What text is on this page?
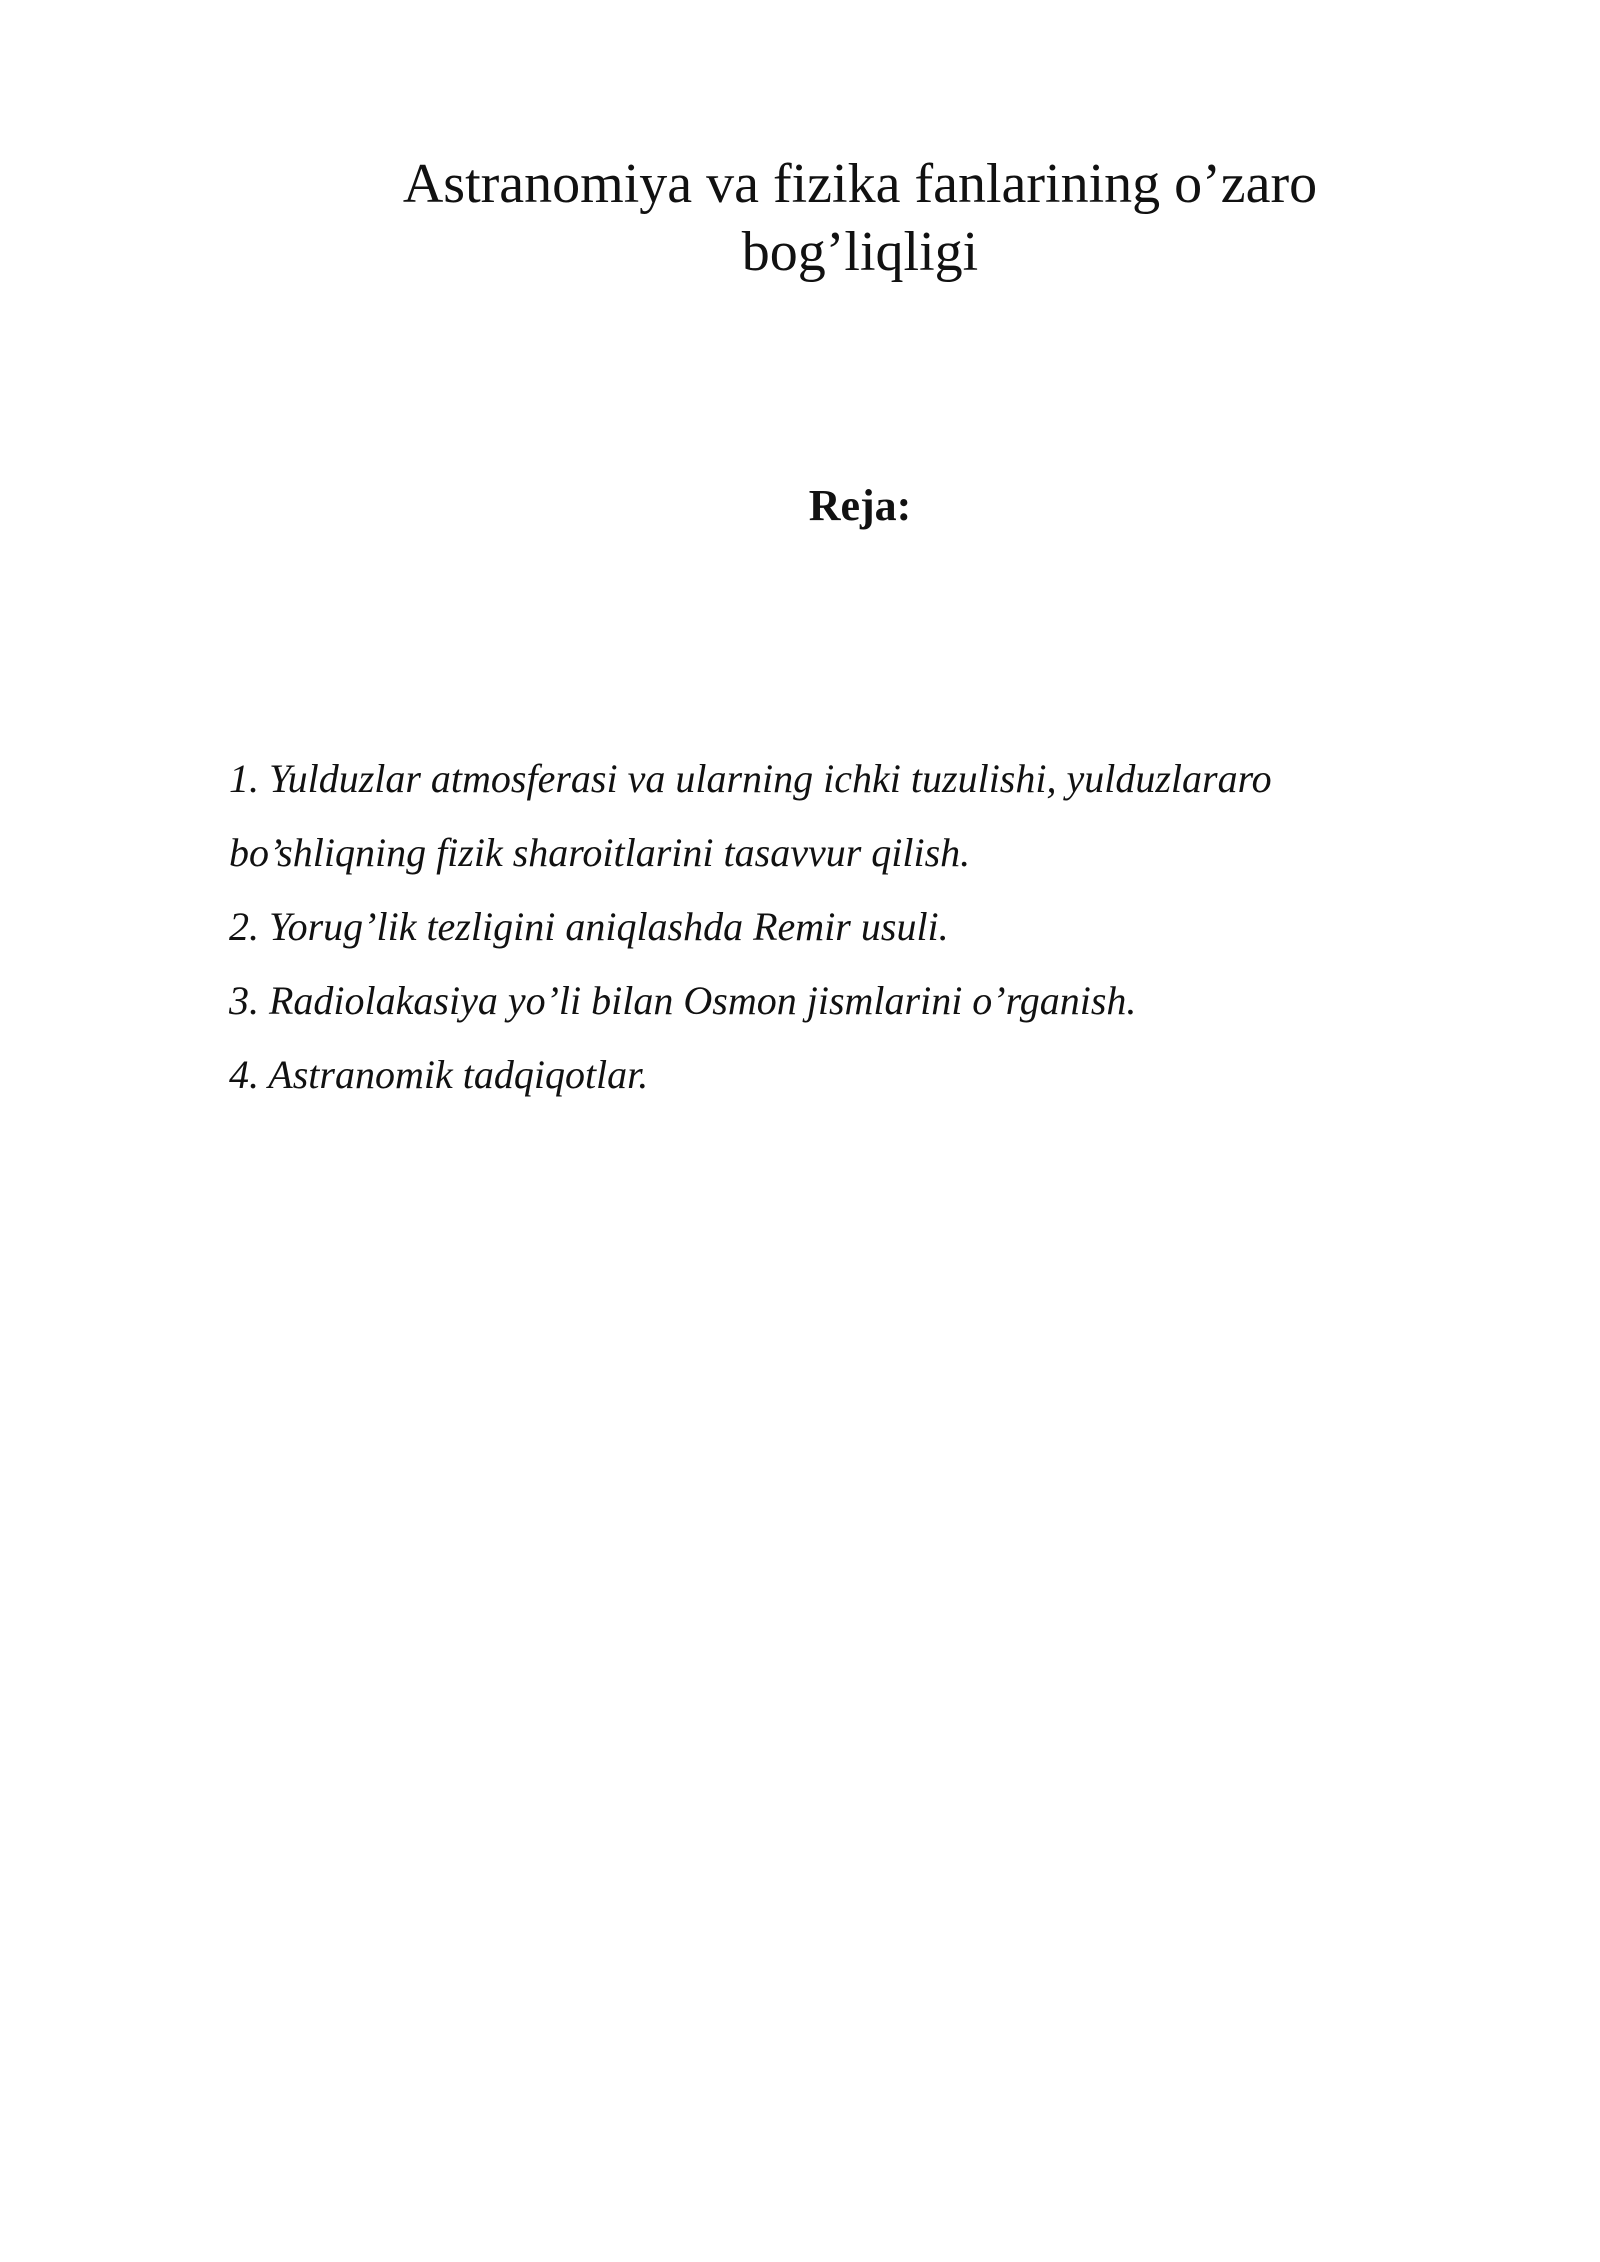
Astranomiya va fizika fanlarining o’zaro
bog’liqligi
Reja:
1. Yulduzlar atmosferasi va ularning ichki tuzulishi, yulduzlararo
bo’shliqning fizik sharoitlarini tasavvur qilish.
2. Yorug’lik tezligini aniqlashda Remir usuli.
3. Radiolakasiya yo’li bilan Osmon jismlarini o’rganish.
4. Astranomik tadqiqotlar.
